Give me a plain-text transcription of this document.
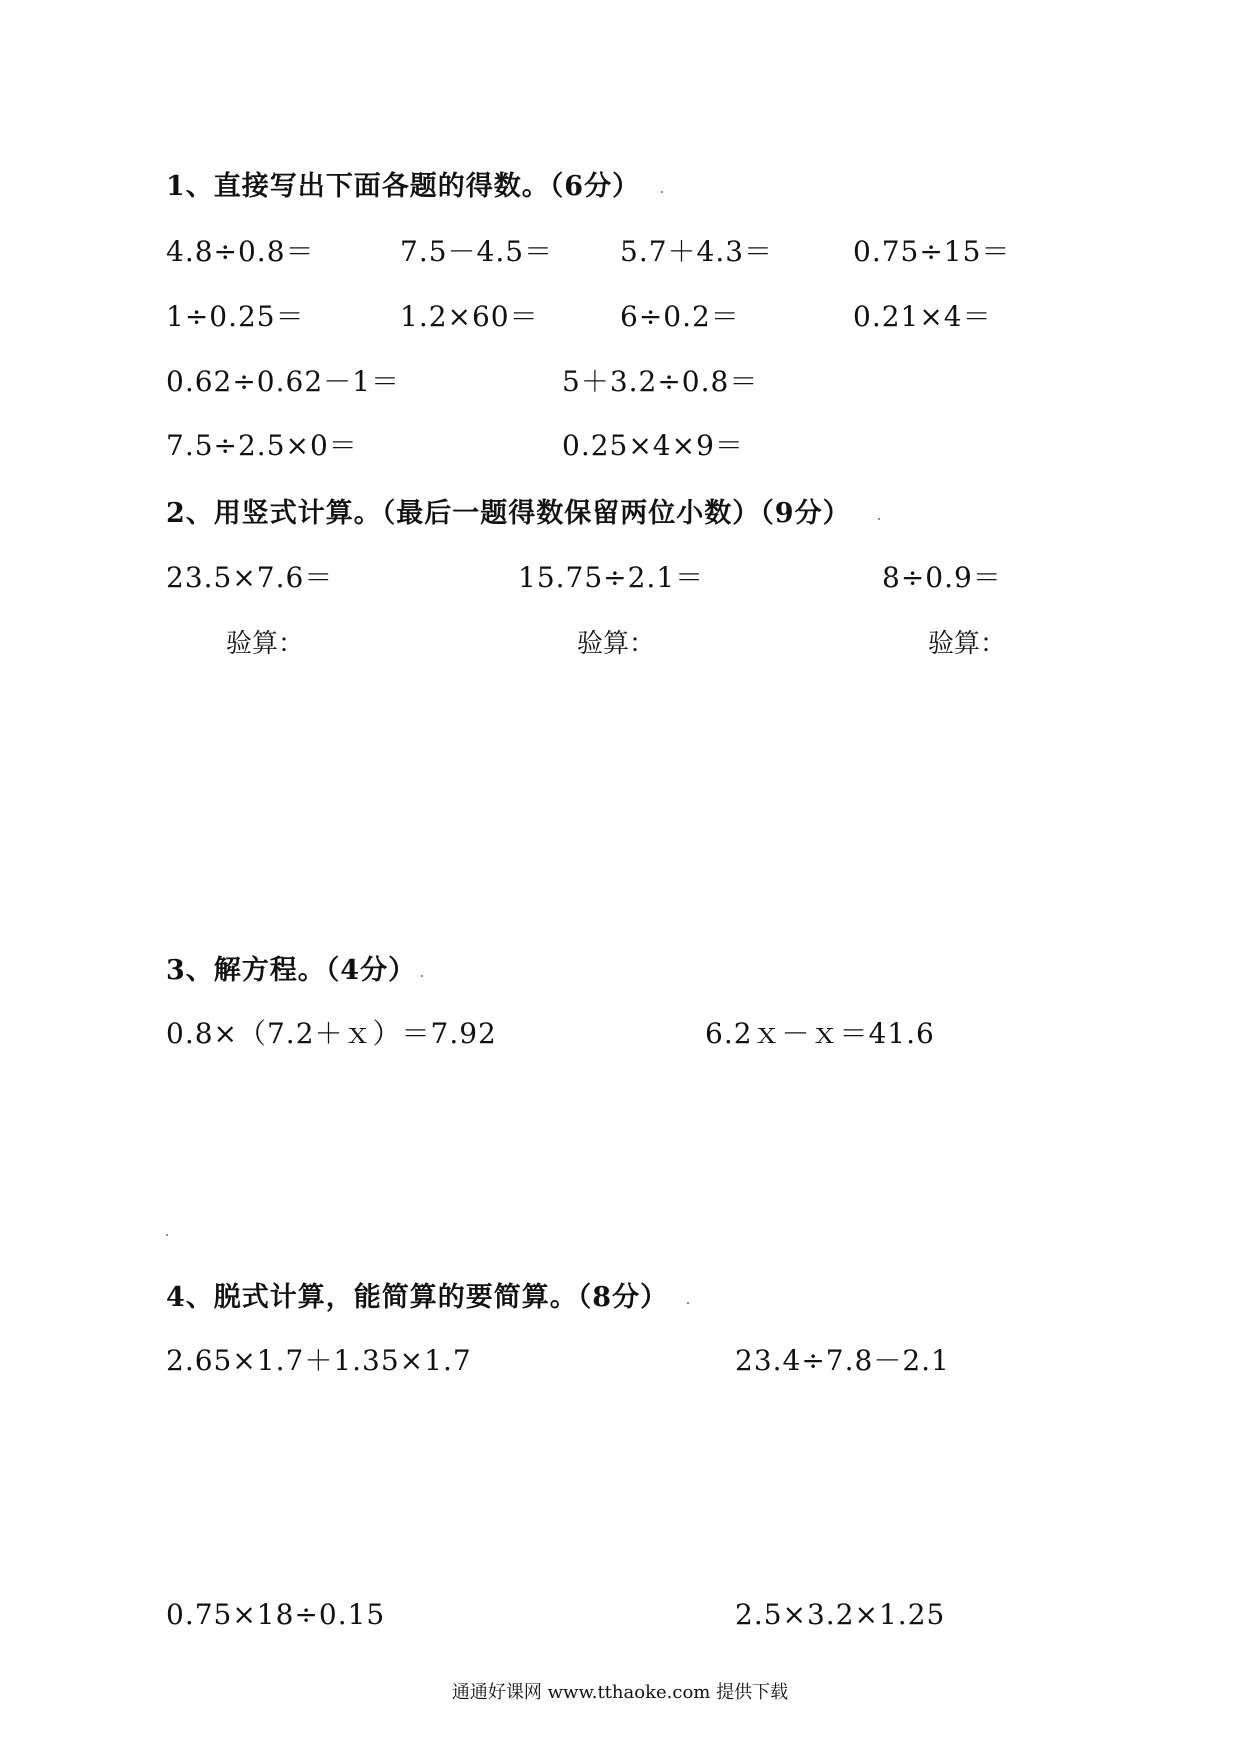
1、直接写出下面各题的得数。（6分）
4.8÷0.8＝	7.5－4.5＝ 5.7＋4.3＝	0.75÷15＝
1÷0.25＝	1.2×60＝	6÷0.2＝	0.21×4＝
0.62÷0.62－1＝	5＋3.2÷0.8＝
7.5÷2.5×0＝	0.25×4×9＝
2、用竖式计算。（最后一题得数保留两位小数）（9分）
23.5×7.6＝	15.75÷2.1＝	8÷0.9＝
验算：	验算：	验算：
3、解方程。（4分）
0.8×（7.2＋ｘ）＝7.92	6.2ｘ－ｘ＝41.6
4、脱式计算，能简算的要简算。（8分）
2.65×1.7＋1.35×1.7	23.4÷7.8－2.1
0.75×18÷0.15	2.5×3.2×1.25
通通好课网 www.tthaoke.com 提供下载
